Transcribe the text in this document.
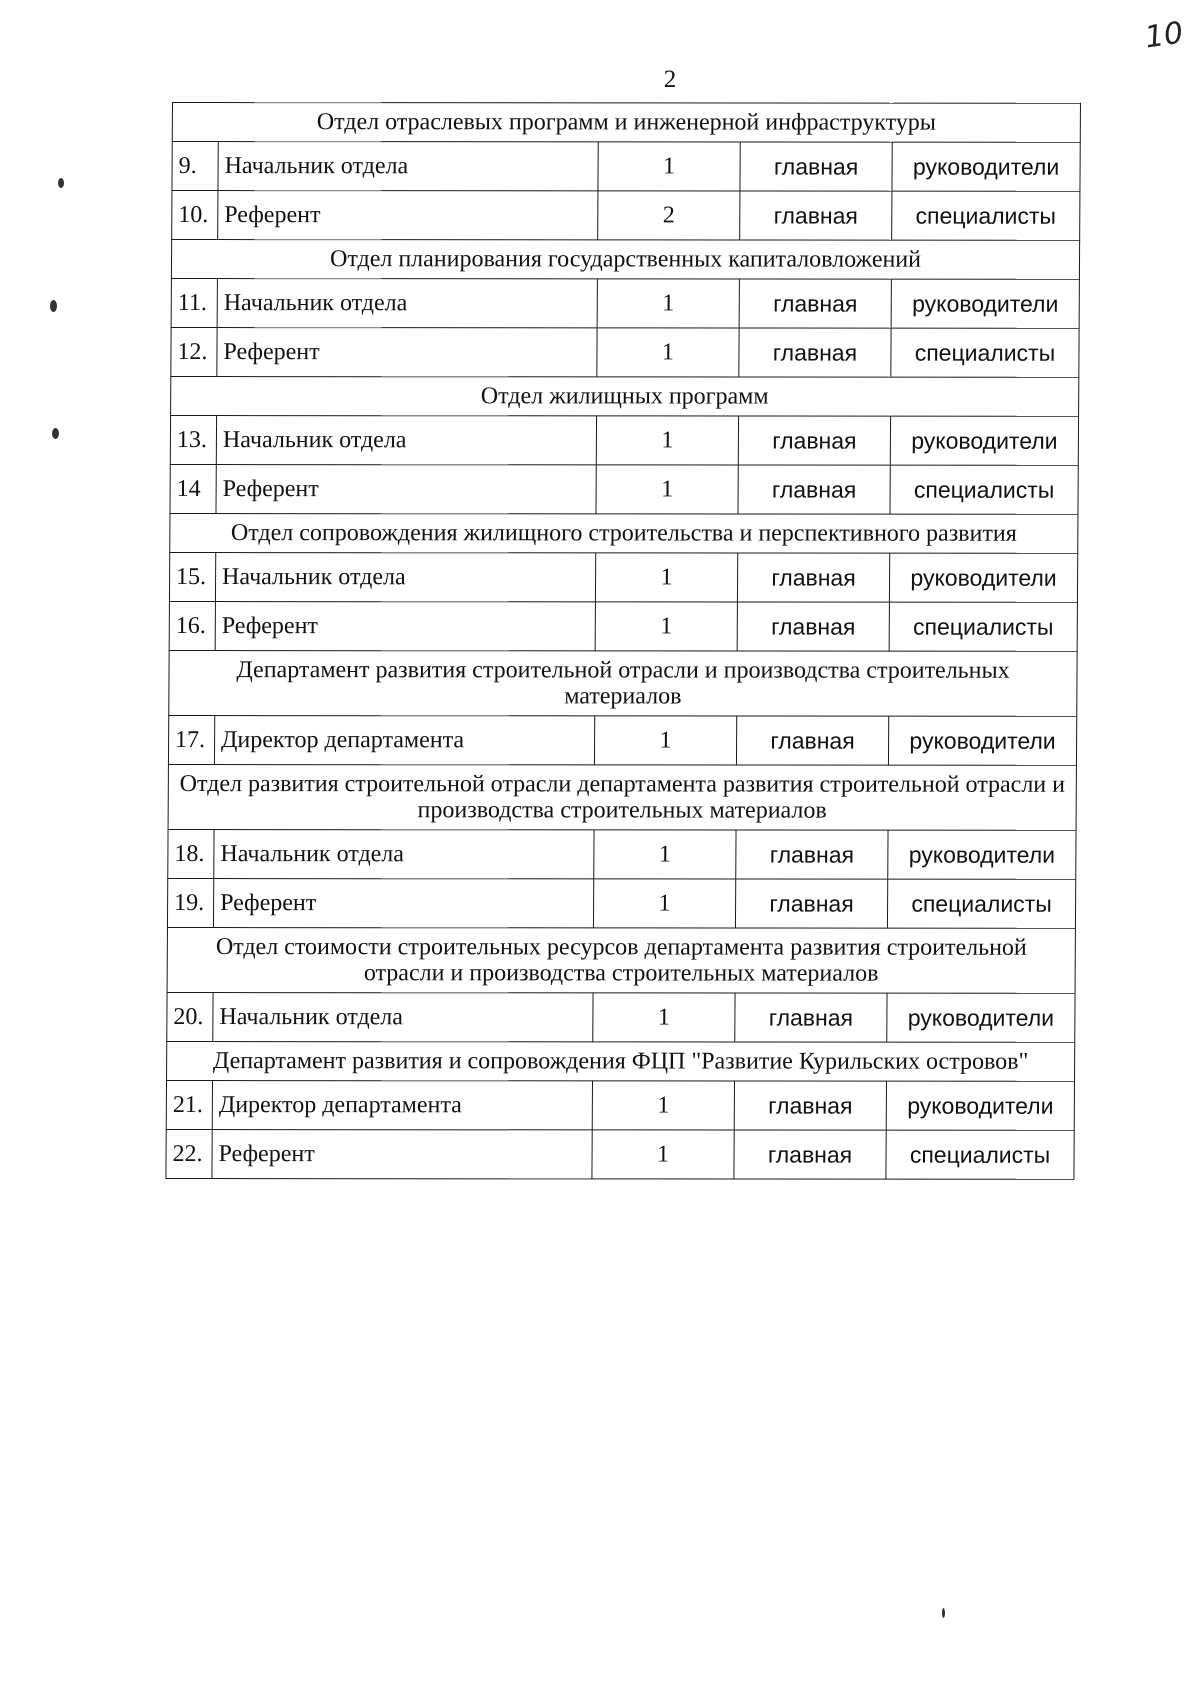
10
2
Отдел отраслевых программ и инженерной инфраструктуры				
9.	Начальник отдела	1	главная	руководители
10.	Референт	2	главная	специалисты
Отдел планирования государственных капиталовложений				
11.	Начальник отдела	1	главная	руководители
12.	Референт	1	главная	специалисты
Отдел жилищных программ				
13.	Начальник отдела	1	главная	руководители
14	Референт	1	главная	специалисты
Отдел сопровождения жилищного строительства и перспективного развития				
15.	Начальник отдела	1	главная	руководители
16.	Референт	1	главная	специалисты
Департамент развития строительной отрасли и производства строительных материалов				
17.	Директор департамента	1	главная	руководители
Отдел развития строительной отрасли департамента развития строительной отрасли и производства строительных материалов				
18.	Начальник отдела	1	главная	руководители
19.	Референт	1	главная	специалисты
Отдел стоимости строительных ресурсов департамента развития строительной отрасли и производства строительных материалов				
20.	Начальник отдела	1	главная	руководители
Департамент развития и сопровождения ФЦП "Развитие Курильских островов"				
21.	Директор департамента	1	главная	руководители
22.	Референт	1	главная	специалисты
